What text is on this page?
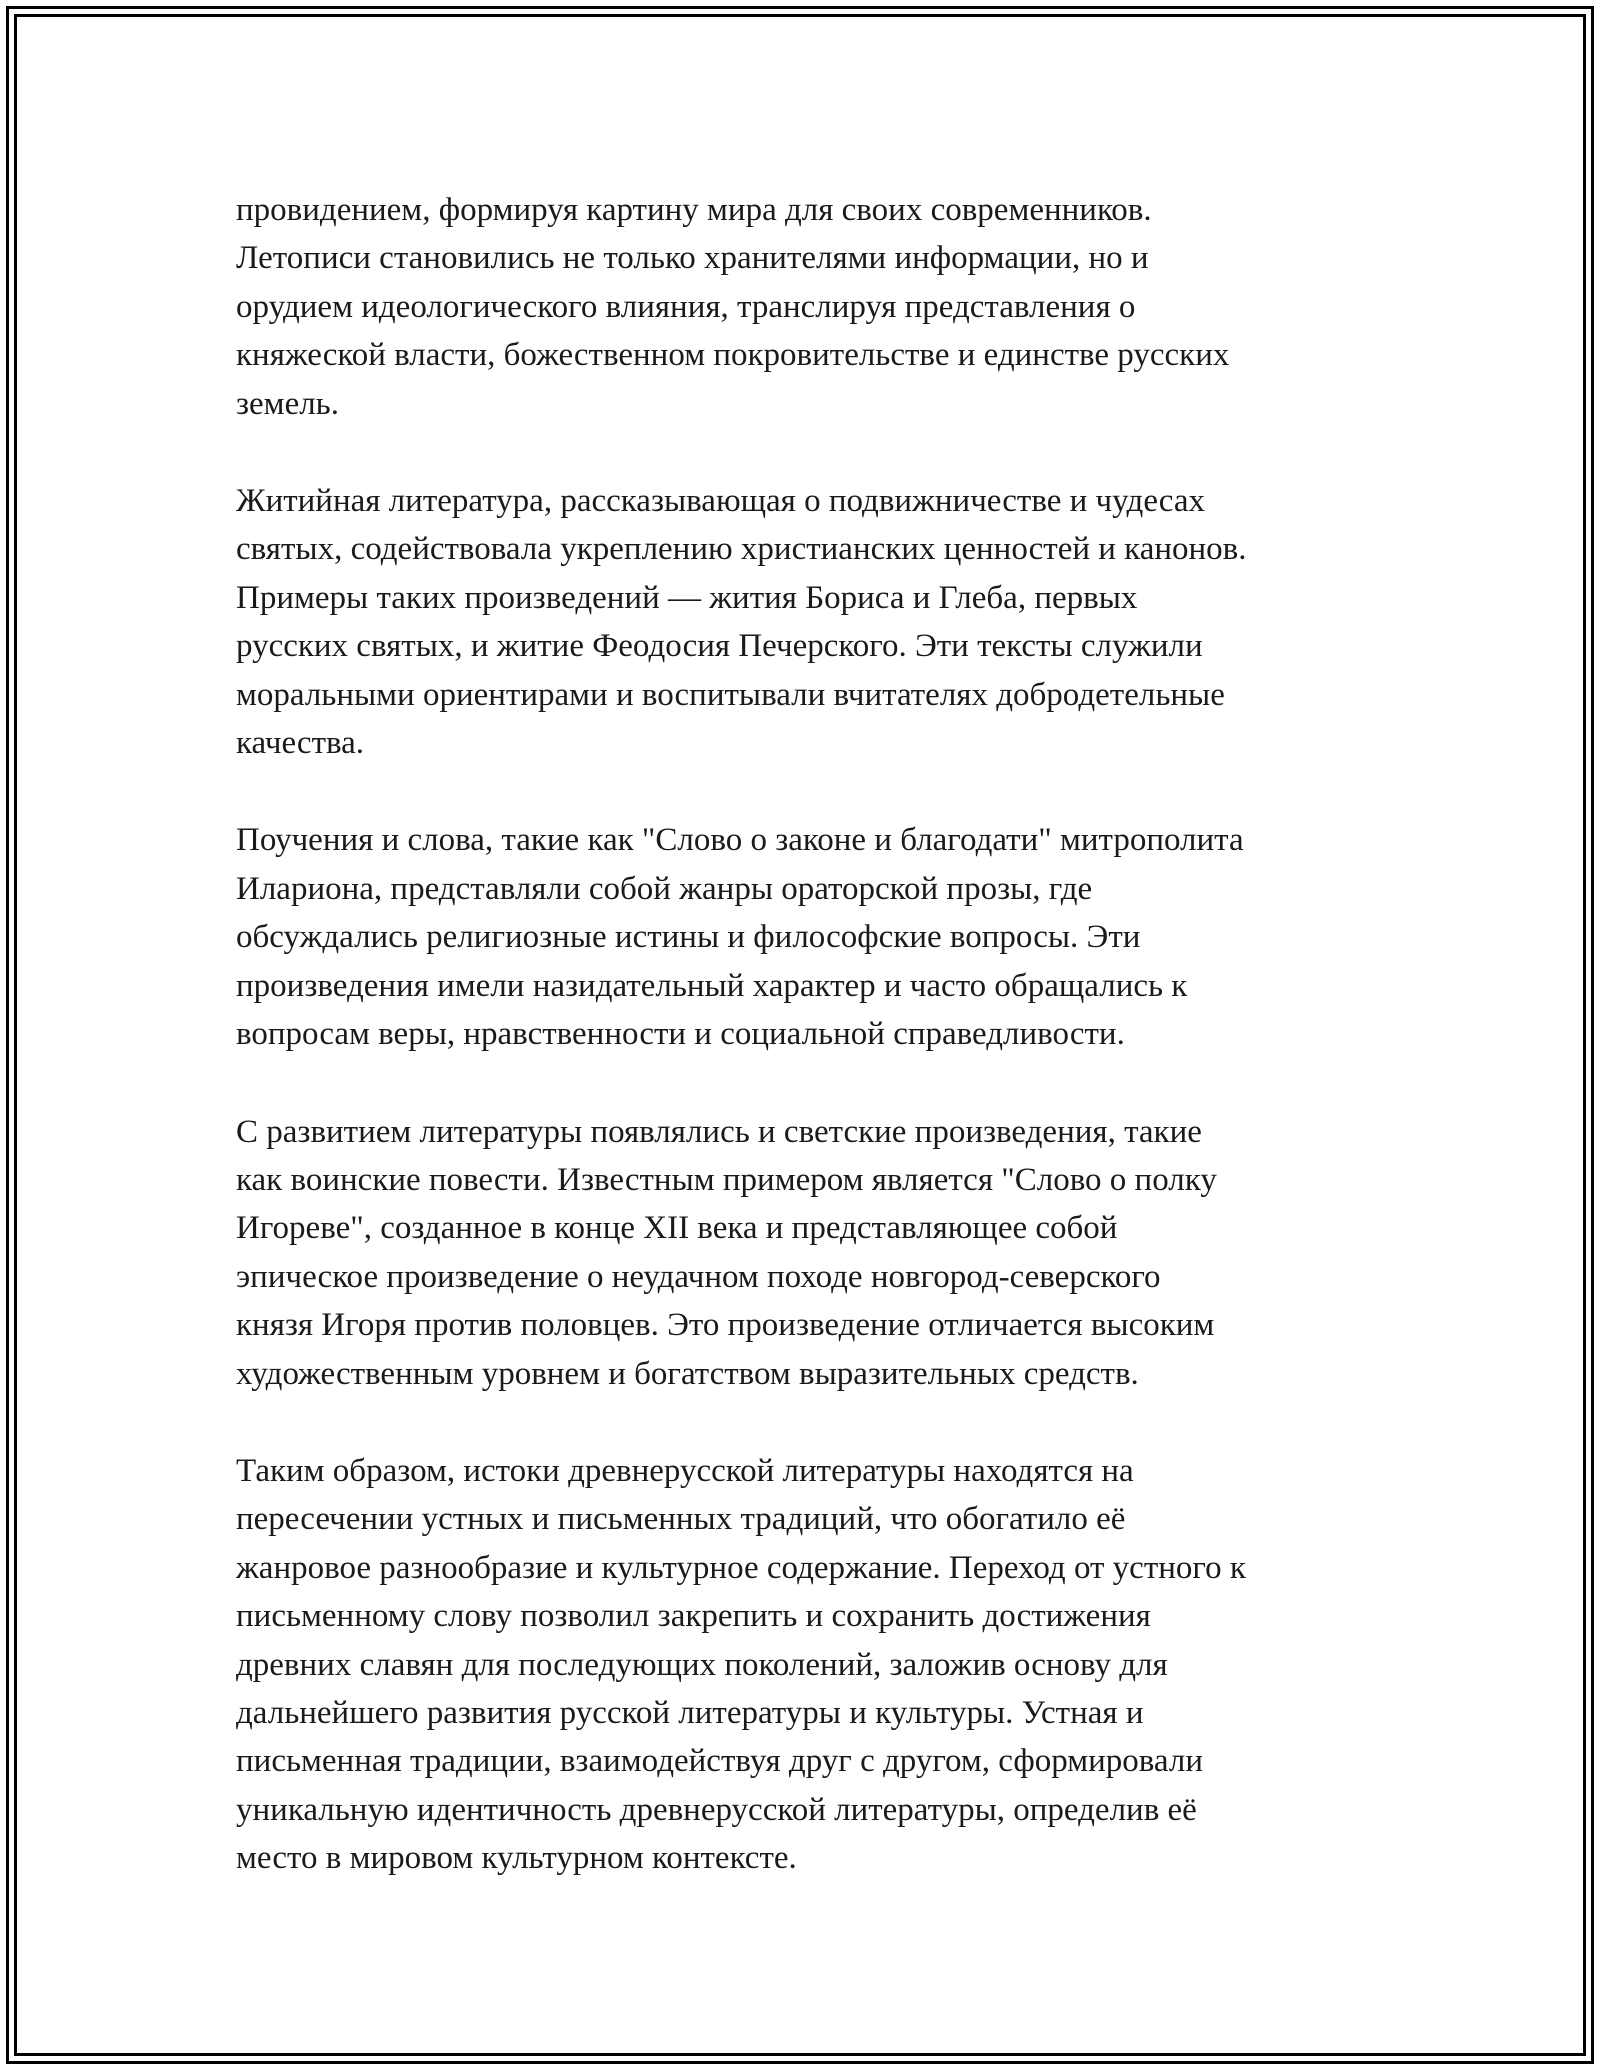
провидением, формируя картину мира для своих современников.
Летописи становились не только хранителями информации, но и
орудием идеологического влияния, транслируя представления о
княжеской власти, божественном покровительстве и единстве русских
земель.

Житийная литература, рассказывающая о подвижничестве и чудесах
святых, содействовала укреплению христианских ценностей и канонов.
Примеры таких произведений — жития Бориса и Глеба, первых
русских святых, и житие Феодосия Печерского. Эти тексты служили
моральными ориентирами и воспитывали вчитателях добродетельные
качества.

Поучения и слова, такие как "Слово о законе и благодати" митрополита
Илариона, представляли собой жанры ораторской прозы, где
обсуждались религиозные истины и философские вопросы. Эти
произведения имели назидательный характер и часто обращались к
вопросам веры, нравственности и социальной справедливости.

С развитием литературы появлялись и светские произведения, такие
как воинские повести. Известным примером является "Слово о полку
Игореве", созданное в конце XII века и представляющее собой
эпическое произведение о неудачном походе новгород-северского
князя Игоря против половцев. Это произведение отличается высоким
художественным уровнем и богатством выразительных средств.

Таким образом, истоки древнерусской литературы находятся на
пересечении устных и письменных традиций, что обогатило её
жанровое разнообразие и культурное содержание. Переход от устного к
письменному слову позволил закрепить и сохранить достижения
древних славян для последующих поколений, заложив основу для
дальнейшего развития русской литературы и культуры. Устная и
письменная традиции, взаимодействуя друг с другом, сформировали
уникальную идентичность древнерусской литературы, определив её
место в мировом культурном контексте.
